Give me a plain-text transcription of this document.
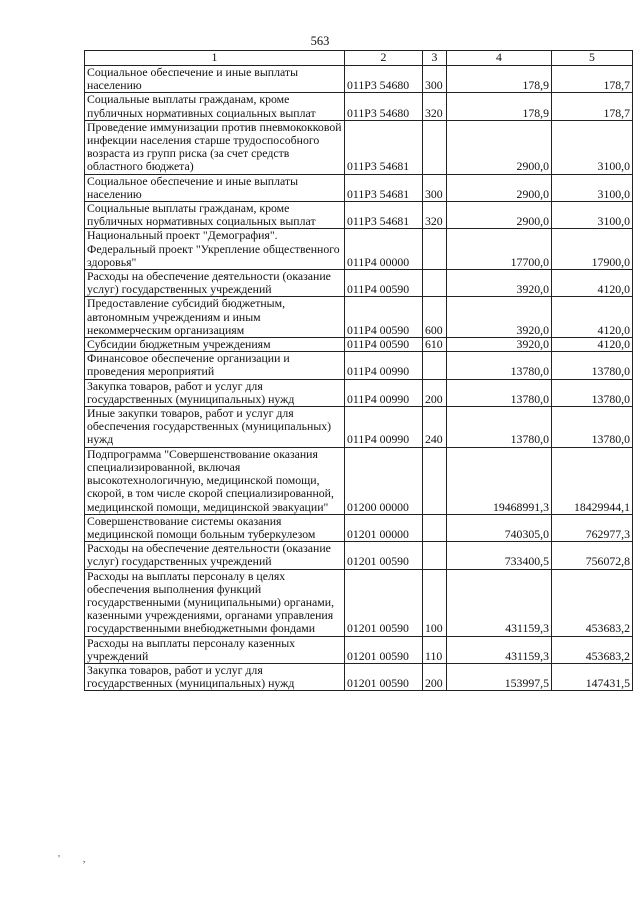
563
1	2	3	4	5
Социальное обеспечение и иные выплаты населению	011Р3 54680	300	178,9	178,7
Социальные выплаты гражданам, кроме публичных нормативных социальных выплат	011Р3 54680	320	178,9	178,7
Проведение иммунизации против пневмококковой инфекции населения старше трудоспособного возраста из групп риска (за счет средств областного бюджета)	011Р3 54681		2900,0	3100,0
Социальное обеспечение и иные выплаты населению	011Р3 54681	300	2900,0	3100,0
Социальные выплаты гражданам, кроме публичных нормативных социальных выплат	011Р3 54681	320	2900,0	3100,0
Национальный проект "Демография". Федеральный проект "Укрепление общественного здоровья"	011Р4 00000		17700,0	17900,0
Расходы на обеспечение деятельности (оказание услуг) государственных учреждений	011Р4 00590		3920,0	4120,0
Предоставление субсидий бюджетным, автономным учреждениям и иным некоммерческим организациям	011Р4 00590	600	3920,0	4120,0
Субсидии бюджетным учреждениям	011Р4 00590	610	3920,0	4120,0
Финансовое обеспечение организации и проведения мероприятий	011Р4 00990		13780,0	13780,0
Закупка товаров, работ и услуг для государственных (муниципальных) нужд	011Р4 00990	200	13780,0	13780,0
Иные закупки товаров, работ и услуг для обеспечения государственных (муниципальных) нужд	011Р4 00990	240	13780,0	13780,0
Подпрограмма "Совершенствование оказания специализированной, включая высокотехнологичную, медицинской помощи, скорой, в том числе скорой специализированной, медицинской помощи, медицинской эвакуации"	01200 00000		19468991,3	18429944,1
Совершенствование системы оказания медицинской помощи больным туберкулезом	01201 00000		740305,0	762977,3
Расходы на обеспечение деятельности (оказание услуг) государственных учреждений	01201 00590		733400,5	756072,8
Расходы на выплаты персоналу в целях обеспечения выполнения функций государственными (муниципальными) органами, казенными учреждениями, органами управления государственными внебюджетными фондами	01201 00590	100	431159,3	453683,2
Расходы на выплаты персоналу казенных учреждений	01201 00590	110	431159,3	453683,2
Закупка товаров, работ и услуг для государственных (муниципальных) нужд	01201 00590	200	153997,5	147431,5
' ,
